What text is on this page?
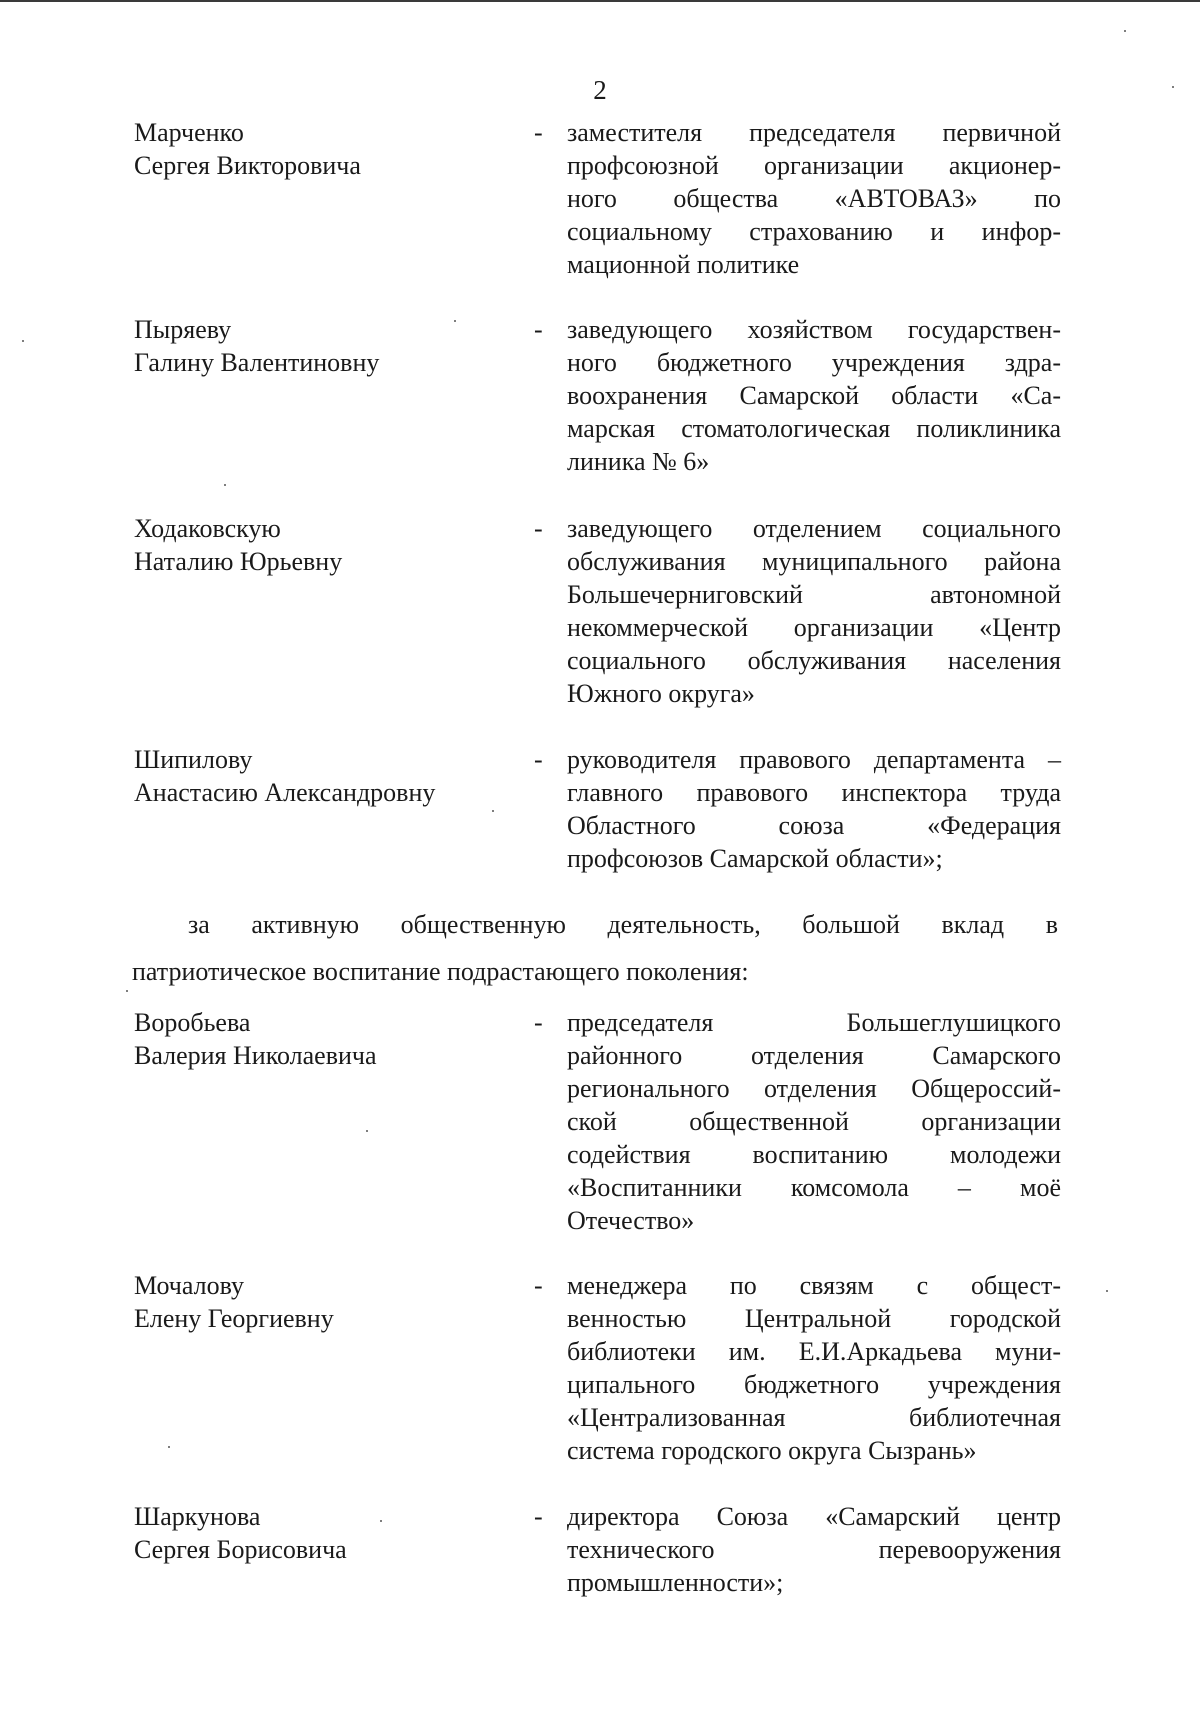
2
Марченко
Сергея Викторовича
- заместителя председателя первичной
профсоюзной организации акционер-
ного общества «АВТОВАЗ» по
социальному страхованию и инфор-
мационной политике
Пыряеву
Галину Валентиновну
- заведующего хозяйством государствен-
ного бюджетного учреждения здра-
воохранения Самарской области «Са-
марская стоматологическая поликлиника
линика № 6»
Ходаковскую
Наталию Юрьевну
- заведующего отделением социального
обслуживания муниципального района
Большечерниговский автономной
некоммерческой организации «Центр
социального обслуживания населения
Южного округа»
Шипилову
Анастасию Александровну
- руководителя правового департамента –
главного правового инспектора труда
Областного союза «Федерация
профсоюзов Самарской области»;
за активную общественную деятельность, большой вклад в
патриотическое воспитание подрастающего поколения:
Воробьева
Валерия Николаевича
- председателя Большеглушицкого
районного отделения Самарского
регионального отделения Общероссий-
ской общественной организации
содействия воспитанию молодежи
«Воспитанники комсомола – моё
Отечество»
Мочалову
Елену Георгиевну
- менеджера по связям с общест-
венностью Центральной городской
библиотеки им. Е.И.Аркадьева муни-
ципального бюджетного учреждения
«Централизованная библиотечная
система городского округа Сызрань»
Шаркунова
Сергея Борисовича
- директора Союза «Самарский центр
технического перевооружения
промышленности»;
